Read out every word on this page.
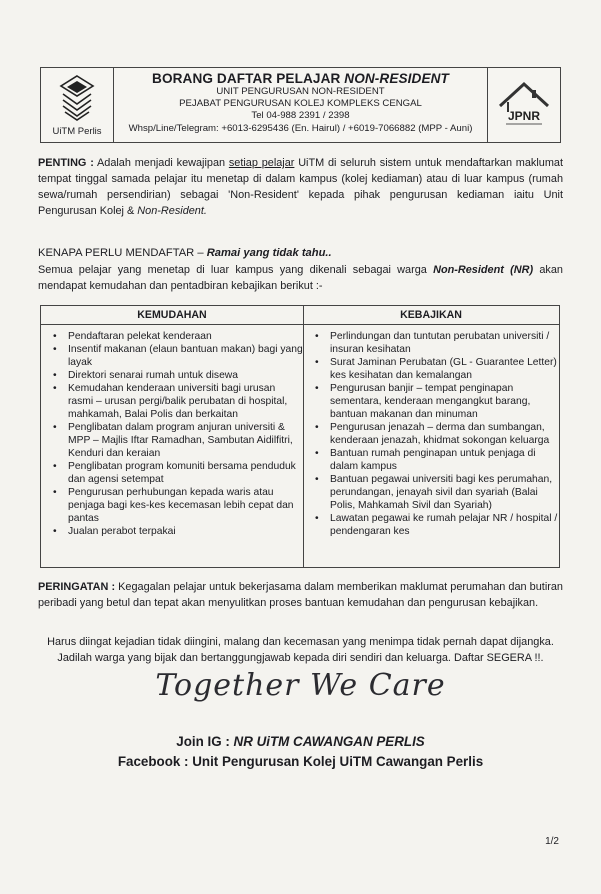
UiTM Perlis
BORANG DAFTAR PELAJAR NON-RESIDENT
UNIT PENGURUSAN NON-RESIDENT
PEJABAT PENGURUSAN KOLEJ KOMPLEKS CENGAL
Tel 04-988 2391 / 2398
Whsp/Line/Telegram: +6013-6295436 (En. Hairul) / +6019-7066882 (MPP - Auni)
JPNR
PENTING : Adalah menjadi kewajipan setiap pelajar UiTM di seluruh sistem untuk mendaftarkan maklumat tempat tinggal samada pelajar itu menetap di dalam kampus (kolej kediaman) atau di luar kampus (rumah sewa/rumah persendirian) sebagai 'Non-Resident' kepada pihak pengurusan kediaman iaitu Unit Pengurusan Kolej & Non-Resident.
KENAPA PERLU MENDAFTAR – Ramai yang tidak tahu..
Semua pelajar yang menetap di luar kampus yang dikenali sebagai warga Non-Resident (NR) akan mendapat kemudahan dan pentadbiran kebajikan berikut :-
KEMUDAHAN
• Pendaftaran pelekat kenderaan
• Insentif makanan (elaun bantuan makan) bagi yang layak
• Direktori senarai rumah untuk disewa
• Kemudahan kenderaan universiti bagi urusan rasmi – urusan pergi/balik perubatan di hospital, mahkamah, Balai Polis dan berkaitan
• Penglibatan dalam program anjuran universiti & MPP – Majlis Iftar Ramadhan, Sambutan Aidilfitri, Kenduri dan keraian
• Penglibatan program komuniti bersama penduduk dan agensi setempat
• Pengurusan perhubungan kepada waris atau penjaga bagi kes-kes kecemasan lebih cepat dan pantas
• Jualan perabot terpakai
KEBAJIKAN
• Perlindungan dan tuntutan perubatan universiti / insuran kesihatan
• Surat Jaminan Perubatan (GL - Guarantee Letter) kes kesihatan dan kemalangan
• Pengurusan banjir – tempat penginapan sementara, kenderaan mengangkut barang, bantuan makanan dan minuman
• Pengurusan jenazah – derma dan sumbangan, kenderaan jenazah, khidmat sokongan keluarga
• Bantuan rumah penginapan untuk penjaga di dalam kampus
• Bantuan pegawai universiti bagi kes perumahan, perundangan, jenayah sivil dan syariah (Balai Polis, Mahkamah Sivil dan Syariah)
• Lawatan pegawai ke rumah pelajar NR / hospital / pendengaran kes
PERINGATAN : Kegagalan pelajar untuk bekerjasama dalam memberikan maklumat perumahan dan butiran peribadi yang betul dan tepat akan menyulitkan proses bantuan kemudahan dan pengurusan kebajikan.
Harus diingat kejadian tidak diingini, malang dan kecemasan yang menimpa tidak pernah dapat dijangka.
Jadilah warga yang bijak dan bertanggungjawab kepada diri sendiri dan keluarga. Daftar SEGERA !!.
Together We Care
Join IG : NR UiTM CAWANGAN PERLIS
Facebook : Unit Pengurusan Kolej UiTM Cawangan Perlis
1/2
